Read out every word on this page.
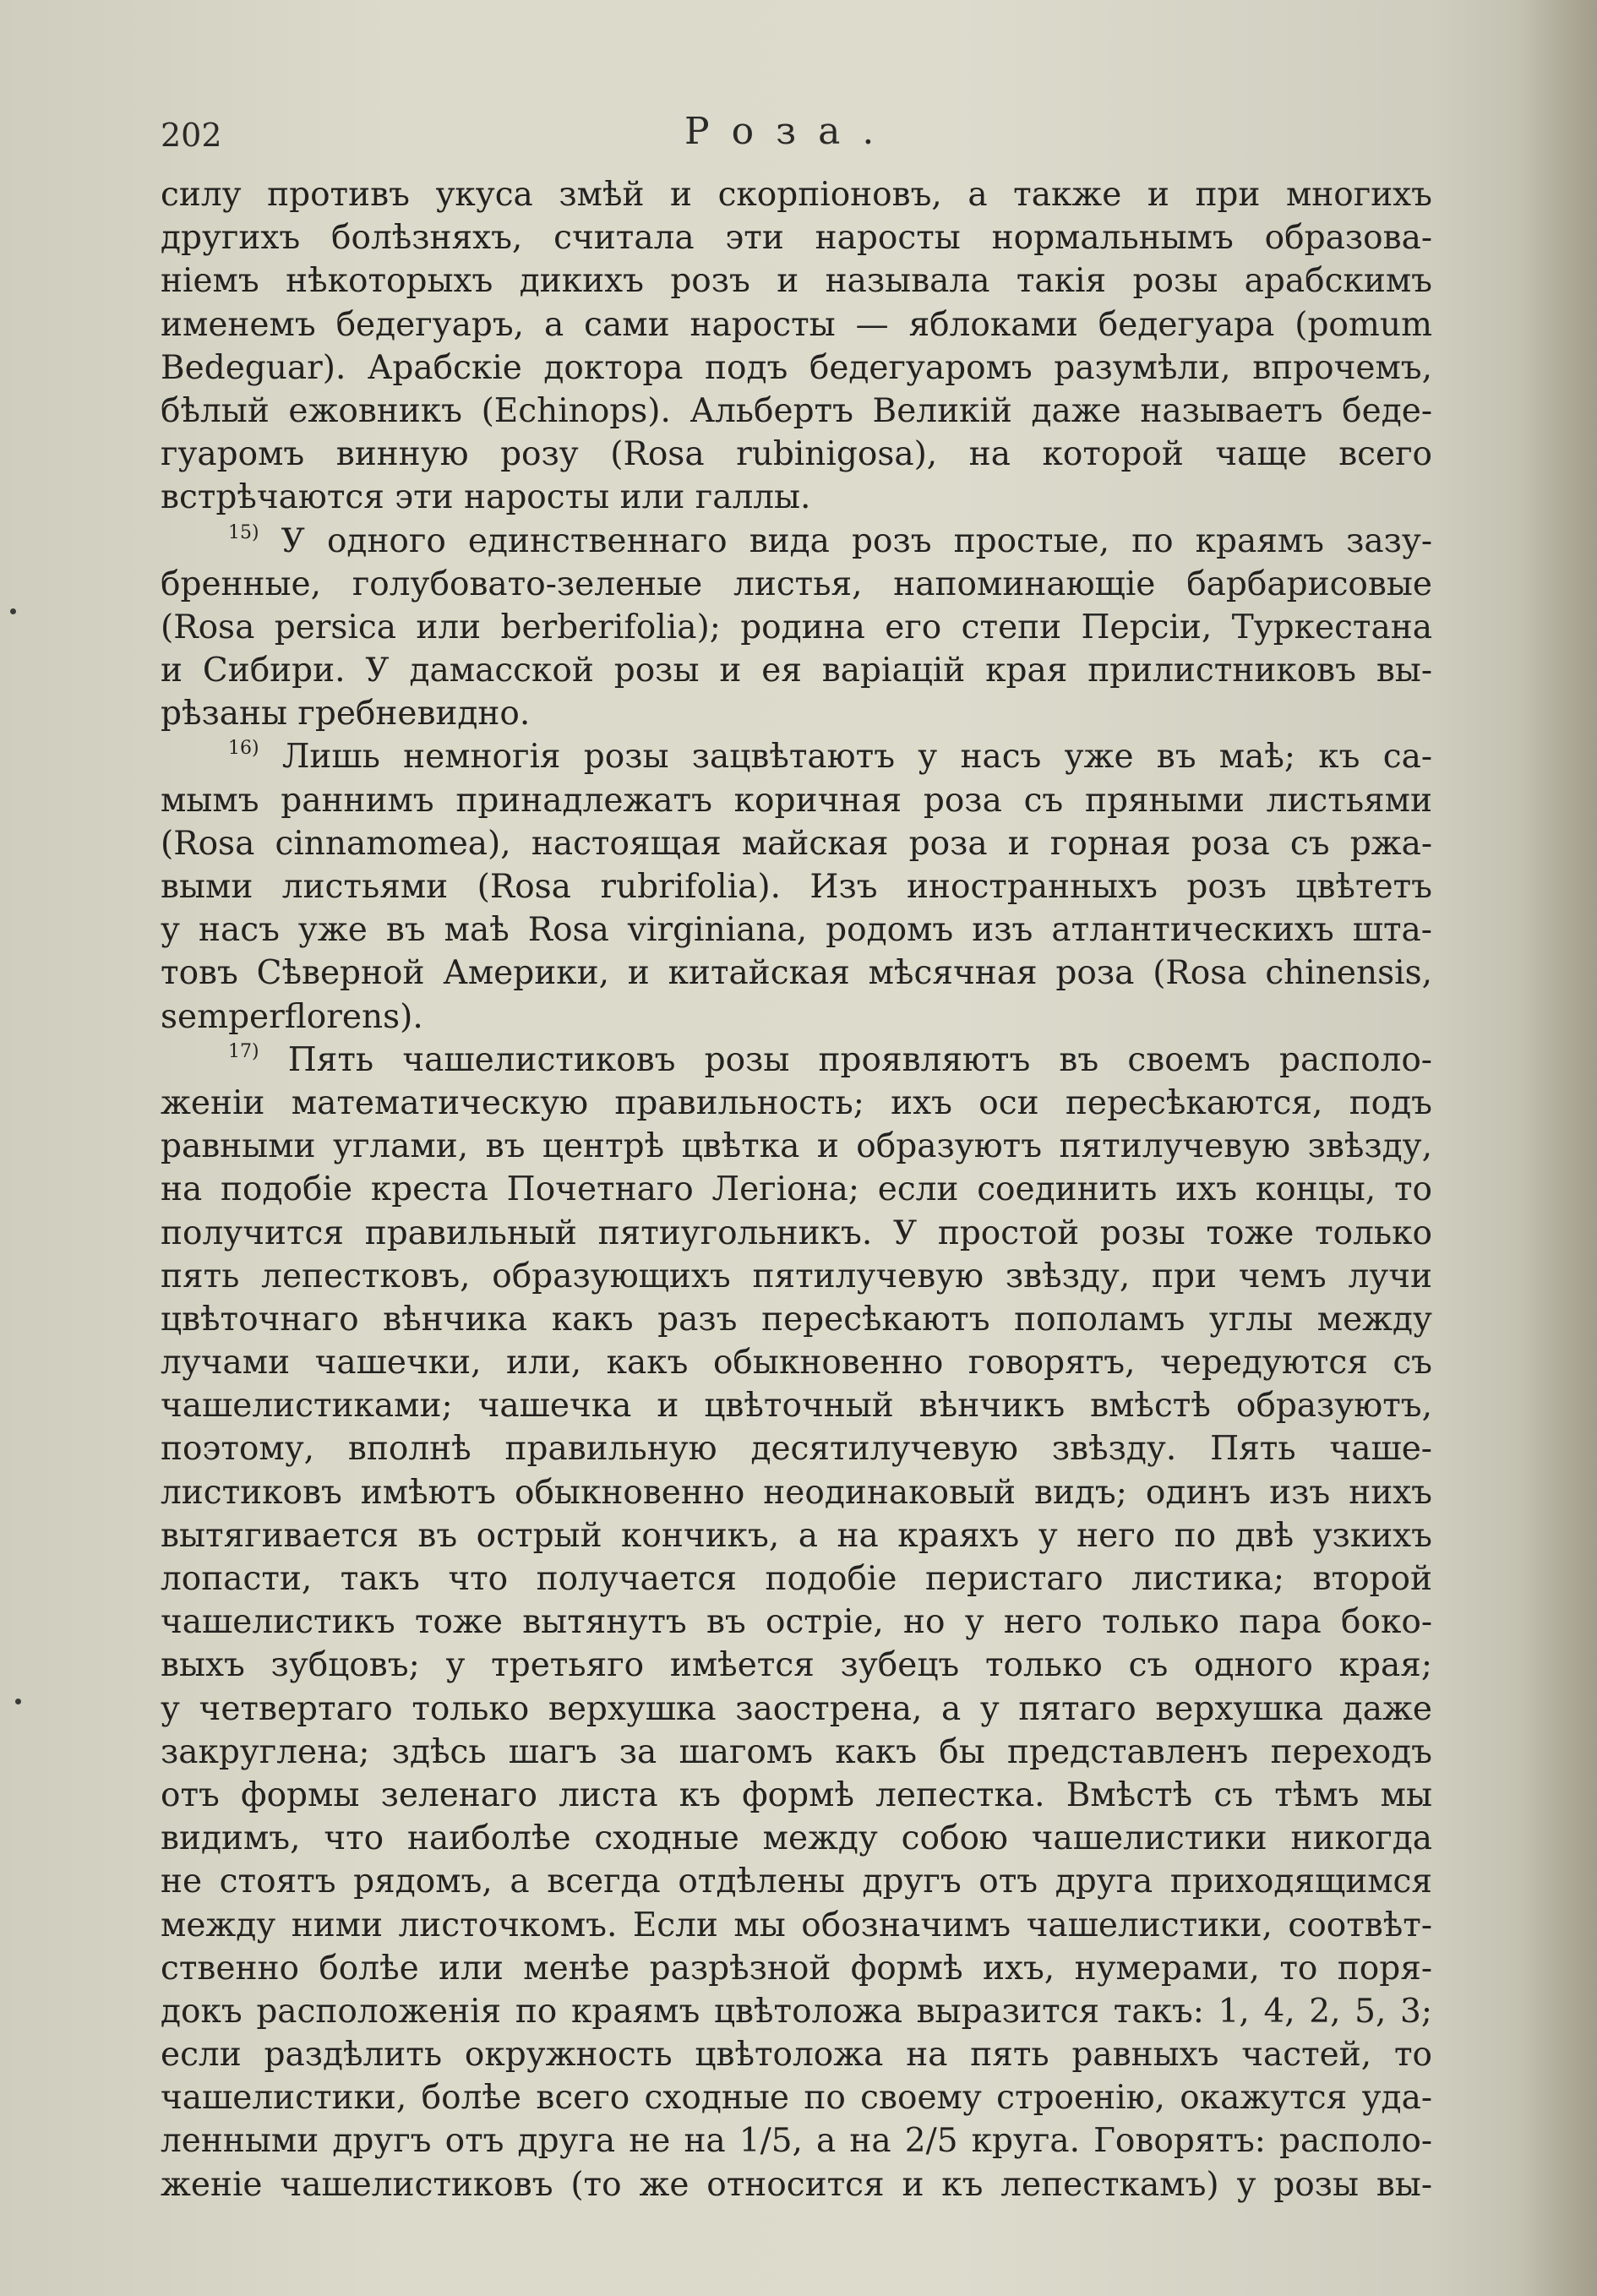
202	Роза.
силу противъ укуса змѣй и скорпіоновъ, а также и при многихъ
другихъ болѣзняхъ, считала эти наросты нормальнымъ образова-
ніемъ нѣкоторыхъ дикихъ розъ и называла такія розы арабскимъ
именемъ бедегуаръ, а сами наросты — яблоками бедегуара (pomum
Bedeguar). Арабскіе доктора подъ бедегуаромъ разумѣли, впрочемъ,
бѣлый ежовникъ (Echinops). Альбертъ Великій даже называетъ беде-
гуаромъ винную розу (Rosa rubinigosa), на которой чаще всего
встрѣчаются эти наросты или галлы.
$^{15)}$ У одного единственнаго вида розъ простые, по краямъ зазу-
бренные, голубовато-зеленые листья, напоминающіе барбарисовые
(Rosa persica или berberifolia); родина его степи Персіи, Туркестана
и Сибири. У дамасской розы и ея варіацій края прилистниковъ вы-
рѣзаны гребневидно.
$^{16)}$ Лишь немногія розы зацвѣтаютъ у насъ уже въ маѣ; къ са-
мымъ раннимъ принадлежатъ коричная роза съ пряными листьями
(Rosa cinnamomea), настоящая майская роза и горная роза съ ржа-
выми листьями (Rosa rubrifolia). Изъ иностранныхъ розъ цвѣтетъ
у насъ уже въ маѣ Rosa virginiana, родомъ изъ атлантическихъ шта-
товъ Сѣверной Америки, и китайская мѣсячная роза (Rosa chinensis,
semperflorens).
$^{17)}$ Пять чашелистиковъ розы проявляютъ въ своемъ располо-
женіи математическую правильность; ихъ оси пересѣкаются, подъ
равными углами, въ центрѣ цвѣтка и образуютъ пятилучевую звѣзду,
на подобіе креста Почетнаго Легіона; если соединить ихъ концы, то
получится правильный пятиугольникъ. У простой розы тоже только
пять лепестковъ, образующихъ пятилучевую звѣзду, при чемъ лучи
цвѣточнаго вѣнчика какъ разъ пересѣкаютъ пополамъ углы между
лучами чашечки, или, какъ обыкновенно говорятъ, чередуются съ
чашелистиками; чашечка и цвѣточный вѣнчикъ вмѣстѣ образуютъ,
поэтому, вполнѣ правильную десятилучевую звѣзду. Пять чаше-
листиковъ имѣютъ обыкновенно неодинаковый видъ; одинъ изъ нихъ
вытягивается въ острый кончикъ, а на краяхъ у него по двѣ узкихъ
лопасти, такъ что получается подобіе перистаго листика; второй
чашелистикъ тоже вытянутъ въ остріе, но у него только пара боко-
выхъ зубцовъ; у третьяго имѣется зубецъ только съ одного края;
у четвертаго только верхушка заострена, а у пятаго верхушка даже
закруглена; здѣсь шагъ за шагомъ какъ бы представленъ переходъ
отъ формы зеленаго листа къ формѣ лепестка. Вмѣстѣ съ тѣмъ мы
видимъ, что наиболѣе сходные между собою чашелистики никогда
не стоятъ рядомъ, а всегда отдѣлены другъ отъ друга приходящимся
между ними листочкомъ. Если мы обозначимъ чашелистики, соотвѣт-
ственно болѣе или менѣе разрѣзной формѣ ихъ, нумерами, то поря-
докъ расположенія по краямъ цвѣтоложа выразится такъ: 1, 4, 2, 5, 3;
если раздѣлить окружность цвѣтоложа на пять равныхъ частей, то
чашелистики, болѣе всего сходные по своему строенію, окажутся уда-
ленными другъ отъ друга не на 1/5, а на 2/5 круга. Говорятъ: располо-
женіе чашелистиковъ (то же относится и къ лепесткамъ) у розы вы-
